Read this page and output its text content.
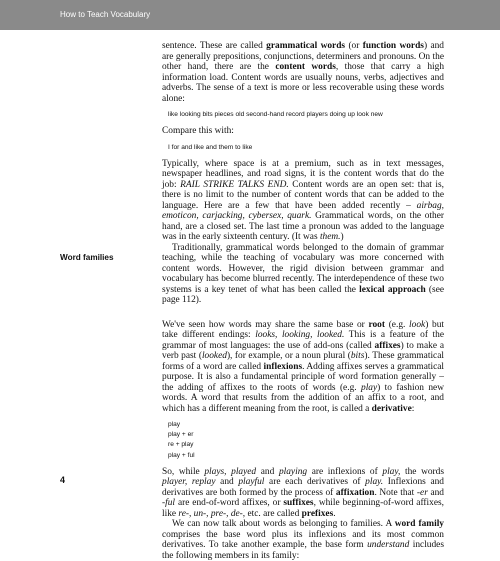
How to Teach Vocabulary

sentence. These are called grammatical words (or function words) and are generally prepositions, conjunctions, determiners and pronouns. On the other hand, there are the content words, those that carry a high information load. Content words are usually nouns, verbs, adjectives and adverbs. The sense of a text is more or less recoverable using these words alone:

like looking bits pieces old second-hand record players doing up look new

Compare this with:

I for and like and them to like

Typically, where space is at a premium, such as in text messages, newspaper headlines, and road signs, it is the content words that do the job: RAIL STRIKE TALKS END. Content words are an open set: that is, there is no limit to the number of content words that can be added to the language. Here are a few that have been added recently – airbag, emoticon, carjacking, cybersex, quark. Grammatical words, on the other hand, are a closed set. The last time a pronoun was added to the language was in the early sixteenth century. (It was them.)

Traditionally, grammatical words belonged to the domain of grammar teaching, while the teaching of vocabulary was more concerned with content words. However, the rigid division between grammar and vocabulary has become blurred recently. The interdependence of these two systems is a key tenet of what has been called the lexical approach (see page 112).

We've seen how words may share the same base or root (e.g. look) but take different endings: looks, looking, looked. This is a feature of the grammar of most languages: the use of add-ons (called affixes) to make a verb past (looked), for example, or a noun plural (bits). These grammatical forms of a word are called inflexions. Adding affixes serves a grammatical purpose. It is also a fundamental principle of word formation generally – the adding of affixes to the roots of words (e.g. play) to fashion new words. A word that results from the addition of an affix to a root, and which has a different meaning from the root, is called a derivative:

play
play + er
re + play
play + ful

So, while plays, played and playing are inflexions of play, the words player, replay and playful are each derivatives of play. Inflexions and derivatives are both formed by the process of affixation. Note that -er and -ful are end-of-word affixes, or suffixes, while beginning-of-word affixes, like re-, un-, pre-, de-, etc. are called prefixes.

We can now talk about words as belonging to families. A word family comprises the base word plus its inflexions and its most common derivatives. To take another example, the base form understand includes the following members in its family:

Word families
4
